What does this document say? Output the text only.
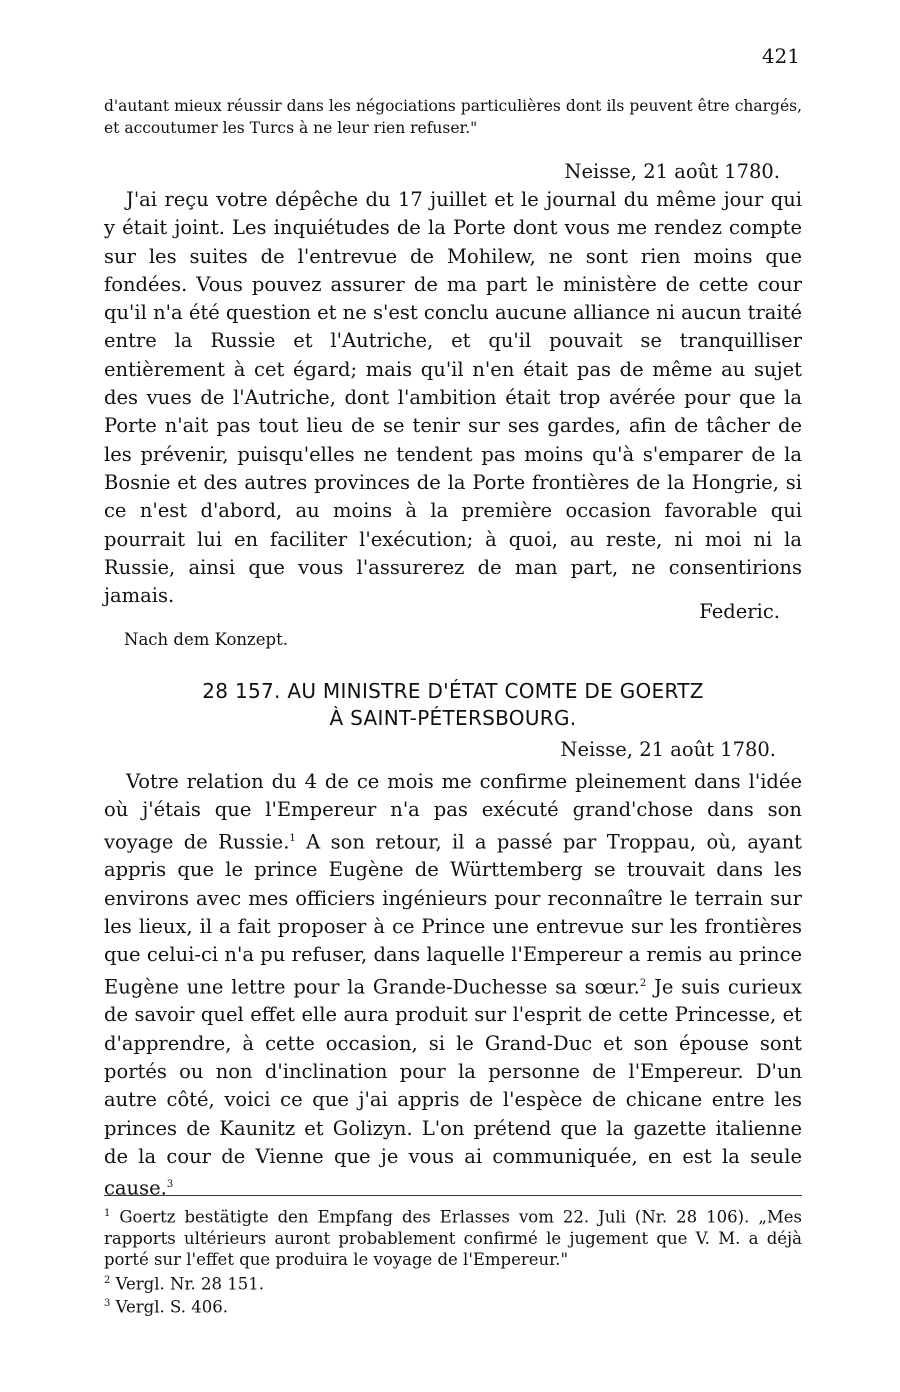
421
d'autant mieux réussir dans les négociations particulières dont ils peuvent être chargés, et accoutumer les Turcs à ne leur rien refuser."
Neisse, 21 août 1780.

J'ai reçu votre dépêche du 17 juillet et le journal du même jour qui y était joint. Les inquiétudes de la Porte dont vous me rendez compte sur les suites de l'entrevue de Mohilew, ne sont rien moins que fondées. Vous pouvez assurer de ma part le ministère de cette cour qu'il n'a été question et ne s'est conclu aucune alliance ni aucun traité entre la Russie et l'Autriche, et qu'il pouvait se tranquilliser entièrement à cet égard; mais qu'il n'en était pas de même au sujet des vues de l'Autriche, dont l'ambition était trop avérée pour que la Porte n'ait pas tout lieu de se tenir sur ses gardes, afin de tâcher de les prévenir, puisqu'elles ne tendent pas moins qu'à s'emparer de la Bosnie et des autres provinces de la Porte frontières de la Hongrie, si ce n'est d'abord, au moins à la première occasion favorable qui pourrait lui en faciliter l'exécution; à quoi, au reste, ni moi ni la Russie, ainsi que vous l'assurerez de man part, ne consentirions jamais.

Federic.
Nach dem Konzept.
28 157. AU MINISTRE D'ÉTAT COMTE DE GOERTZ
À SAINT-PÉTERSBOURG.
Neisse, 21 août 1780.

Votre relation du 4 de ce mois me confirme pleinement dans l'idée où j'étais que l'Empereur n'a pas exécuté grand'chose dans son voyage de Russie.$^1$ A son retour, il a passé par Troppau, où, ayant appris que le prince Eugène de Württemberg se trouvait dans les environs avec mes officiers ingénieurs pour reconnaître le terrain sur les lieux, il a fait proposer à ce Prince une entrevue sur les frontières que celui-ci n'a pu refuser, dans laquelle l'Empereur a remis au prince Eugène une lettre pour la Grande-Duchesse sa sœur.$^2$ Je suis curieux de savoir quel effet elle aura produit sur l'esprit de cette Princesse, et d'apprendre, à cette occasion, si le Grand-Duc et son épouse sont portés ou non d'inclination pour la personne de l'Empereur. D'un autre côté, voici ce que j'ai appris de l'espèce de chicane entre les princes de Kaunitz et Golizyn. L'on prétend que la gazette italienne de la cour de Vienne que je vous ai communiquée, en est la seule cause.$^3$

$^1$ Goertz bestätigte den Empfang des Erlasses vom 22. Juli (Nr. 28 106). „Mes rapports ultérieurs auront probablement confirmé le jugement que V. M. a déjà porté sur l'effet que produira le voyage de l'Empereur."
$^2$ Vergl. Nr. 28 151.
$^3$ Vergl. S. 406.
